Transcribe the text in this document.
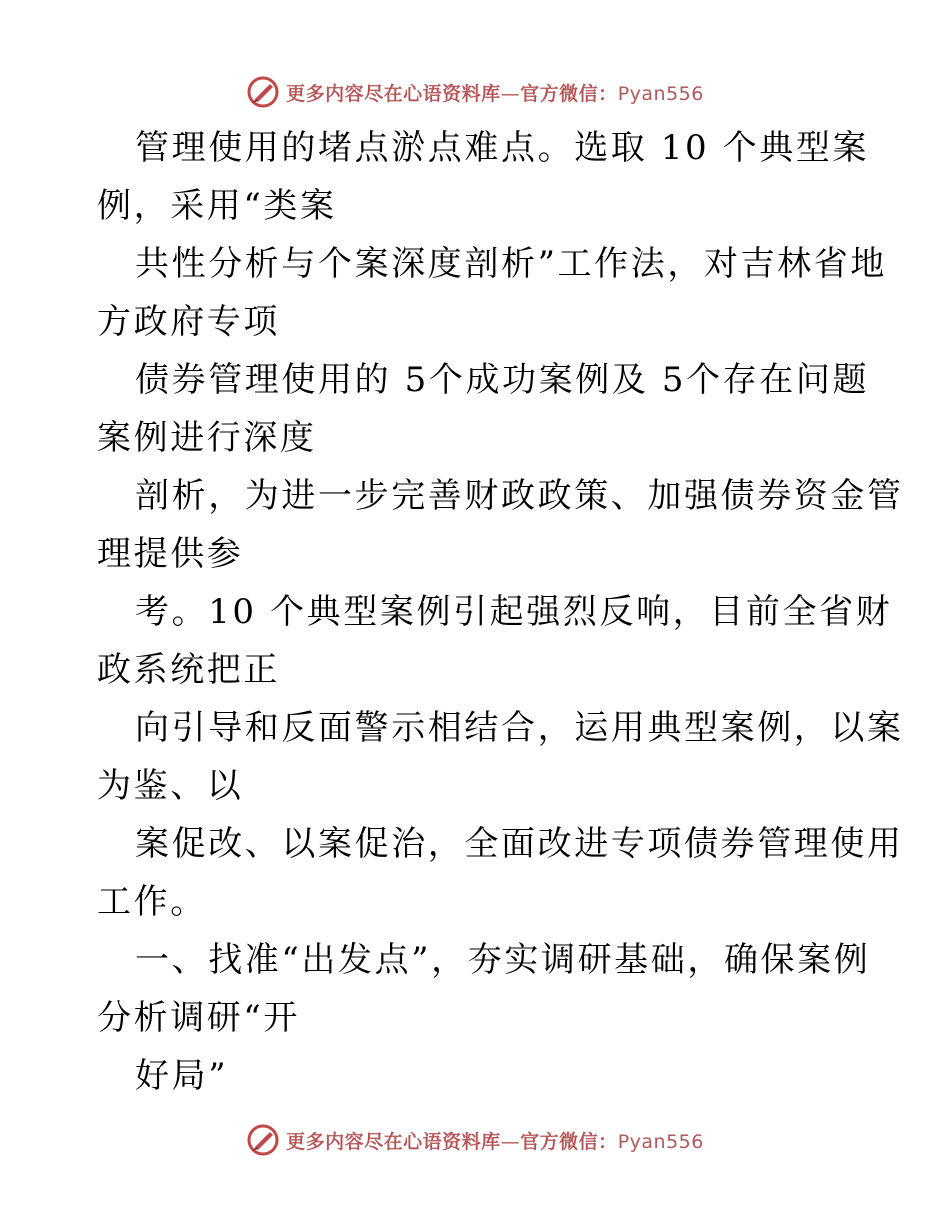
更多内容尽在心语资料库—官方微信：Pyan556
管理使用的堵点淤点难点。选取 10 个典型案
例，采用“类案
共性分析与个案深度剖析”工作法，对吉林省地
方政府专项
债券管理使用的 5个成功案例及 5个存在问题
案例进行深度
剖析，为进一步完善财政政策、加强债券资金管
理提供参
考。10 个典型案例引起强烈反响，目前全省财
政系统把正
向引导和反面警示相结合，运用典型案例，以案
为鉴、以
案促改、以案促治，全面改进专项债券管理使用
工作。
一、找准“出发点”，夯实调研基础，确保案例
分析调研“开
好局”
更多内容尽在心语资料库—官方微信：Pyan556
